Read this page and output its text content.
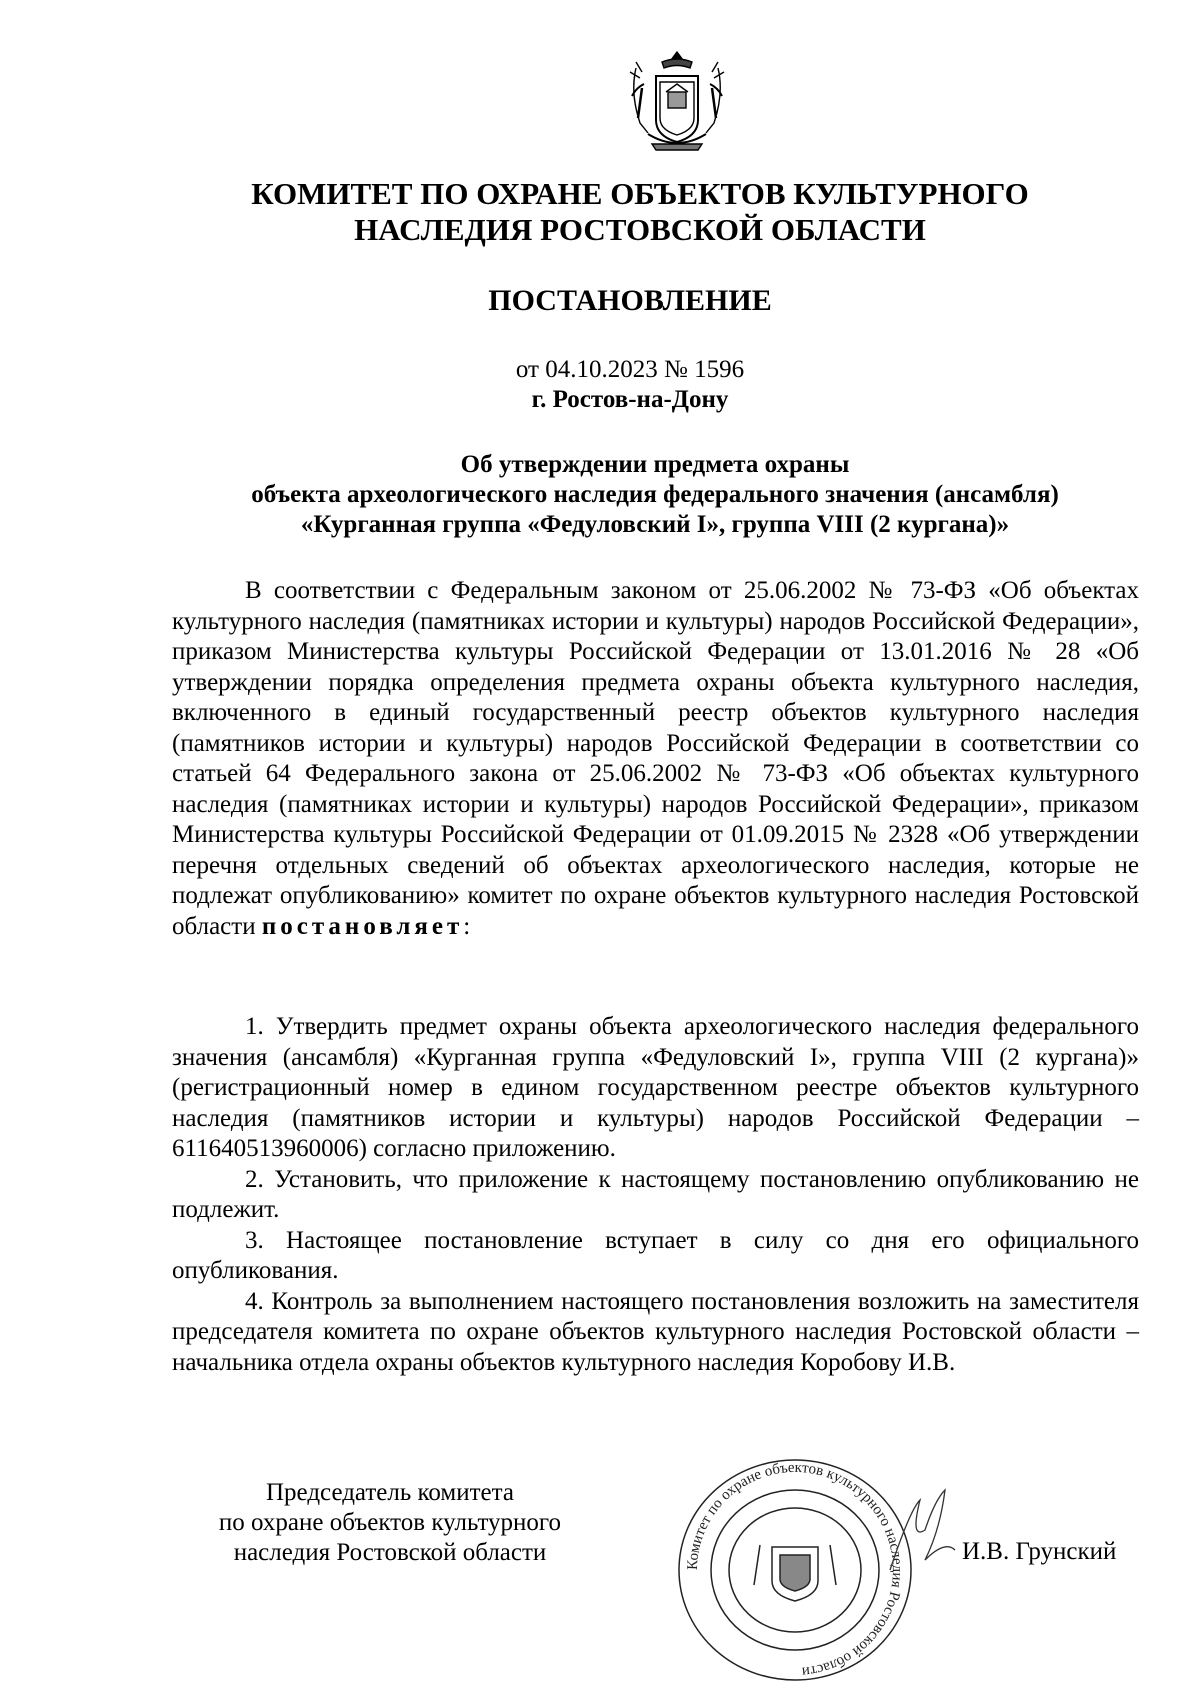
КОМИТЕТ ПО ОХРАНЕ ОБЪЕКТОВ КУЛЬТУРНОГО
НАСЛЕДИЯ РОСТОВСКОЙ ОБЛАСТИ
ПОСТАНОВЛЕНИЕ
от 04.10.2023 № 1596
г. Ростов-на-Дону
Об утверждении предмета охраны
объекта археологического наследия федерального значения (ансамбля)
«Курганная группа «Федуловский I», группа VIII (2 кургана)»

В соответствии с Федеральным законом от 25.06.2002 № 73-ФЗ «Об объектах культурного наследия (памятниках истории и культуры) народов Российской Федерации», приказом Министерства культуры Российской Федерации от 13.01.2016 № 28 «Об утверждении порядка определения предмета охраны объекта культурного наследия, включенного в единый государственный реестр объектов культурного наследия (памятников истории и культуры) народов Российской Федерации в соответствии со статьей 64 Федерального закона от 25.06.2002 № 73-ФЗ «Об объектах культурного наследия (памятниках истории и культуры) народов Российской Федерации», приказом Министерства культуры Российской Федерации от 01.09.2015 № 2328 «Об утверждении перечня отдельных сведений об объектах археологического наследия, которые не подлежат опубликованию» комитет по охране объектов культурного наследия Ростовской области постановляет:

1. Утвердить предмет охраны объекта археологического наследия федерального значения (ансамбля) «Курганная группа «Федуловский I», группа VIII (2 кургана)» (регистрационный номер в едином государственном реестре объектов культурного наследия (памятников истории и культуры) народов Российской Федерации – 611640513960006) согласно приложению.

2. Установить, что приложение к настоящему постановлению опубликованию не подлежит.

3. Настоящее постановление вступает в силу со дня его официального опубликования.

4. Контроль за выполнением настоящего постановления возложить на заместителя председателя комитета по охране объектов культурного наследия Ростовской области – начальника отдела охраны объектов культурного наследия Коробову И.В.

Председатель комитета
по охране объектов культурного
наследия Ростовской области	Комитет по охране объектов культурного наследия Ростовской области
И.В. Грунский
